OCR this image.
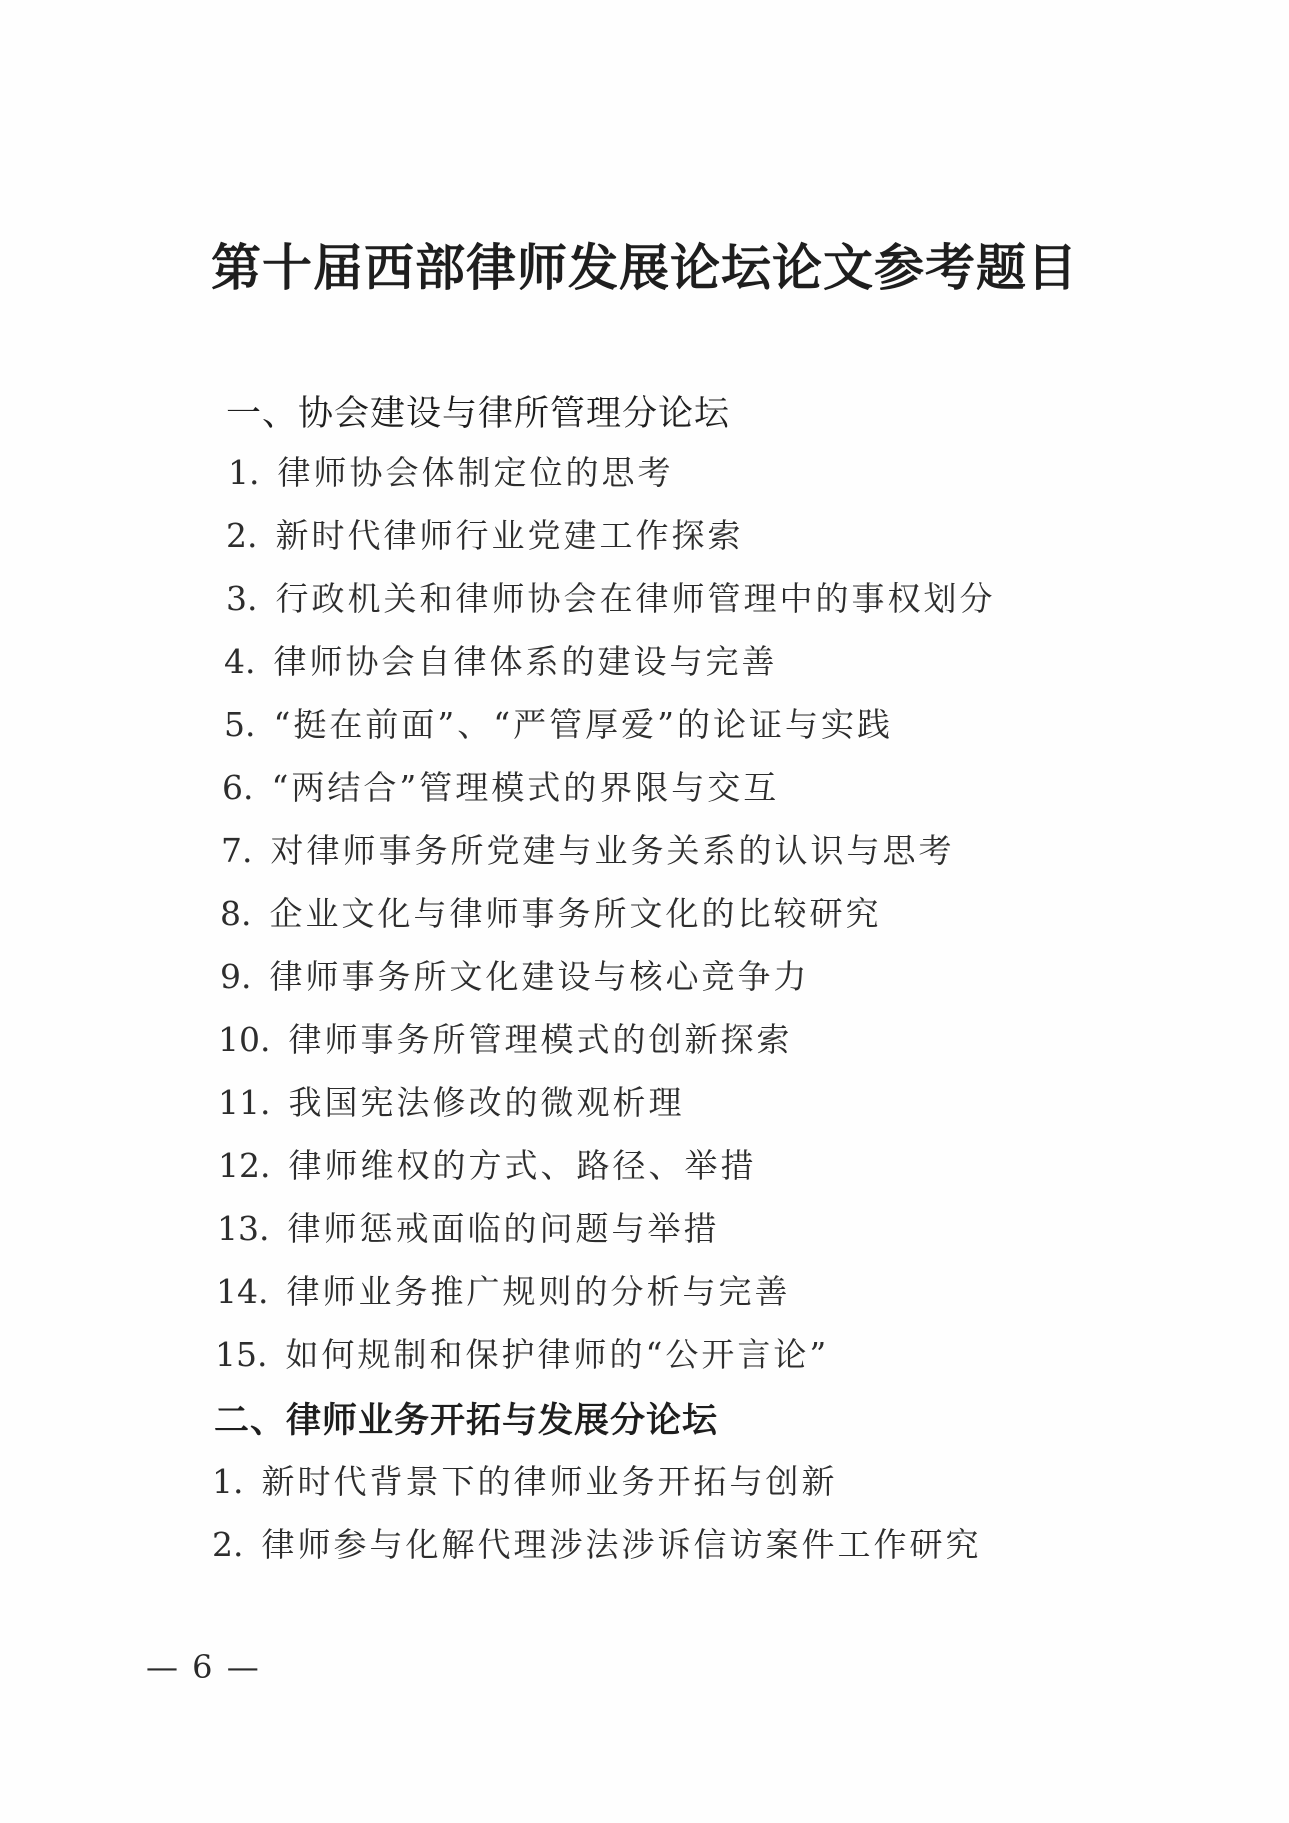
第十届西部律师发展论坛论文参考题目
一、协会建设与律所管理分论坛
1. 律师协会体制定位的思考
2. 新时代律师行业党建工作探索
3. 行政机关和律师协会在律师管理中的事权划分
4. 律师协会自律体系的建设与完善
5. “挺在前面”、“严管厚爱”的论证与实践
6. “两结合”管理模式的界限与交互
7. 对律师事务所党建与业务关系的认识与思考
8. 企业文化与律师事务所文化的比较研究
9. 律师事务所文化建设与核心竞争力
10. 律师事务所管理模式的创新探索
11. 我国宪法修改的微观析理
12. 律师维权的方式、路径、举措
13. 律师惩戒面临的问题与举措
14. 律师业务推广规则的分析与完善
15. 如何规制和保护律师的“公开言论”
二、律师业务开拓与发展分论坛
1. 新时代背景下的律师业务开拓与创新
2. 律师参与化解代理涉法涉诉信访案件工作研究
— 6 —
